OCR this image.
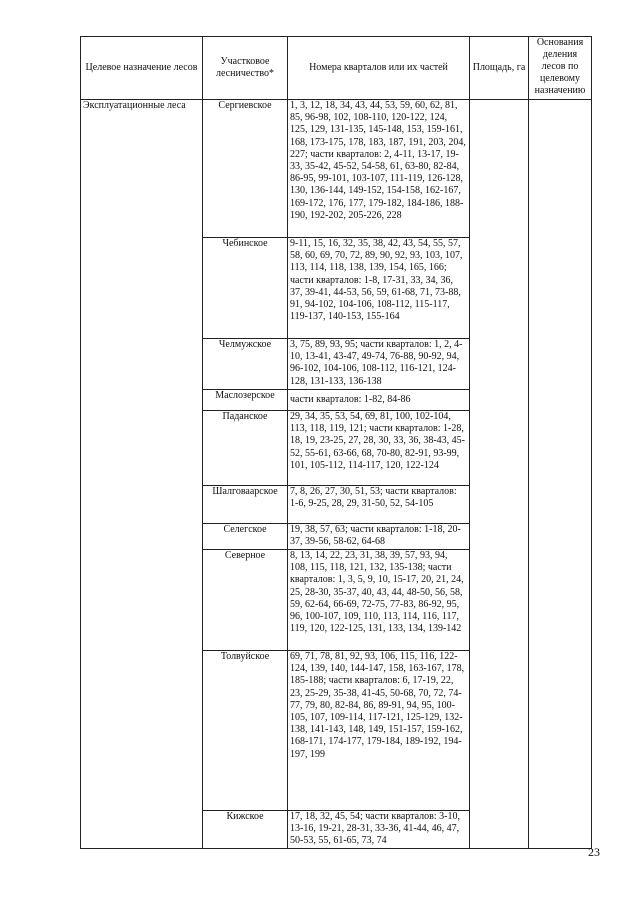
Целевое назначение лесов	Участковое лесничество*	Номера кварталов или их частей	Площадь, га	Основания деления лесов по целевому назначению
Эксплуатационные леса	Сергиевское	1, 3, 12, 18, 34, 43, 44, 53, 59, 60, 62, 81, 85, 96-98, 102, 108-110, 120-122, 124, 125, 129, 131-135, 145-148, 153, 159-161, 168, 173-175, 178, 183, 187, 191, 203, 204, 227; части кварталов: 2, 4-11, 13-17, 19-33, 35-42, 45-52, 54-58, 61, 63-80, 82-84, 86-95, 99-101, 103-107, 111-119, 126-128, 130, 136-144, 149-152, 154-158, 162-167, 169-172, 176, 177, 179-182, 184-186, 188-190, 192-202, 205-226, 228		
	Чебинское	9-11, 15, 16, 32, 35, 38, 42, 43, 54, 55, 57, 58, 60, 69, 70, 72, 89, 90, 92, 93, 103, 107, 113, 114, 118, 138, 139, 154, 165, 166; части кварталов: 1-8, 17-31, 33, 34, 36, 37, 39-41, 44-53, 56, 59, 61-68, 71, 73-88, 91, 94-102, 104-106, 108-112, 115-117, 119-137, 140-153, 155-164		
	Челмужское	3, 75, 89, 93, 95; части кварталов: 1, 2, 4-10, 13-41, 43-47, 49-74, 76-88, 90-92, 94, 96-102, 104-106, 108-112, 116-121, 124-128, 131-133, 136-138		
	Маслозерское	части кварталов: 1-82, 84-86		
	Паданское	29, 34, 35, 53, 54, 69, 81, 100, 102-104, 113, 118, 119, 121; части кварталов: 1-28, 18, 19, 23-25, 27, 28, 30, 33, 36, 38-43, 45-52, 55-61, 63-66, 68, 70-80, 82-91, 93-99, 101, 105-112, 114-117, 120, 122-124		
	Шалговаарское	7, 8, 26, 27, 30, 51, 53; части кварталов: 1-6, 9-25, 28, 29, 31-50, 52, 54-105		
	Селегское	19, 38, 57, 63; части кварталов: 1-18, 20-37, 39-56, 58-62, 64-68		
	Северное	8, 13, 14, 22, 23, 31, 38, 39, 57, 93, 94, 108, 115, 118, 121, 132, 135-138; части кварталов: 1, 3, 5, 9, 10, 15-17, 20, 21, 24, 25, 28-30, 35-37, 40, 43, 44, 48-50, 56, 58, 59, 62-64, 66-69, 72-75, 77-83, 86-92, 95, 96, 100-107, 109, 110, 113, 114, 116, 117, 119, 120, 122-125, 131, 133, 134, 139-142		
	Толвуйское	69, 71, 78, 81, 92, 93, 106, 115, 116, 122-124, 139, 140, 144-147, 158, 163-167, 178, 185-188; части кварталов: 6, 17-19, 22, 23, 25-29, 35-38, 41-45, 50-68, 70, 72, 74-77, 79, 80, 82-84, 86, 89-91, 94, 95, 100-105, 107, 109-114, 117-121, 125-129, 132-138, 141-143, 148, 149, 151-157, 159-162, 168-171, 174-177, 179-184, 189-192, 194-197, 199		
	Кижское	17, 18, 32, 45, 54; части кварталов: 3-10, 13-16, 19-21, 28-31, 33-36, 41-44, 46, 47, 50-53, 55, 61-65, 73, 74		
23
